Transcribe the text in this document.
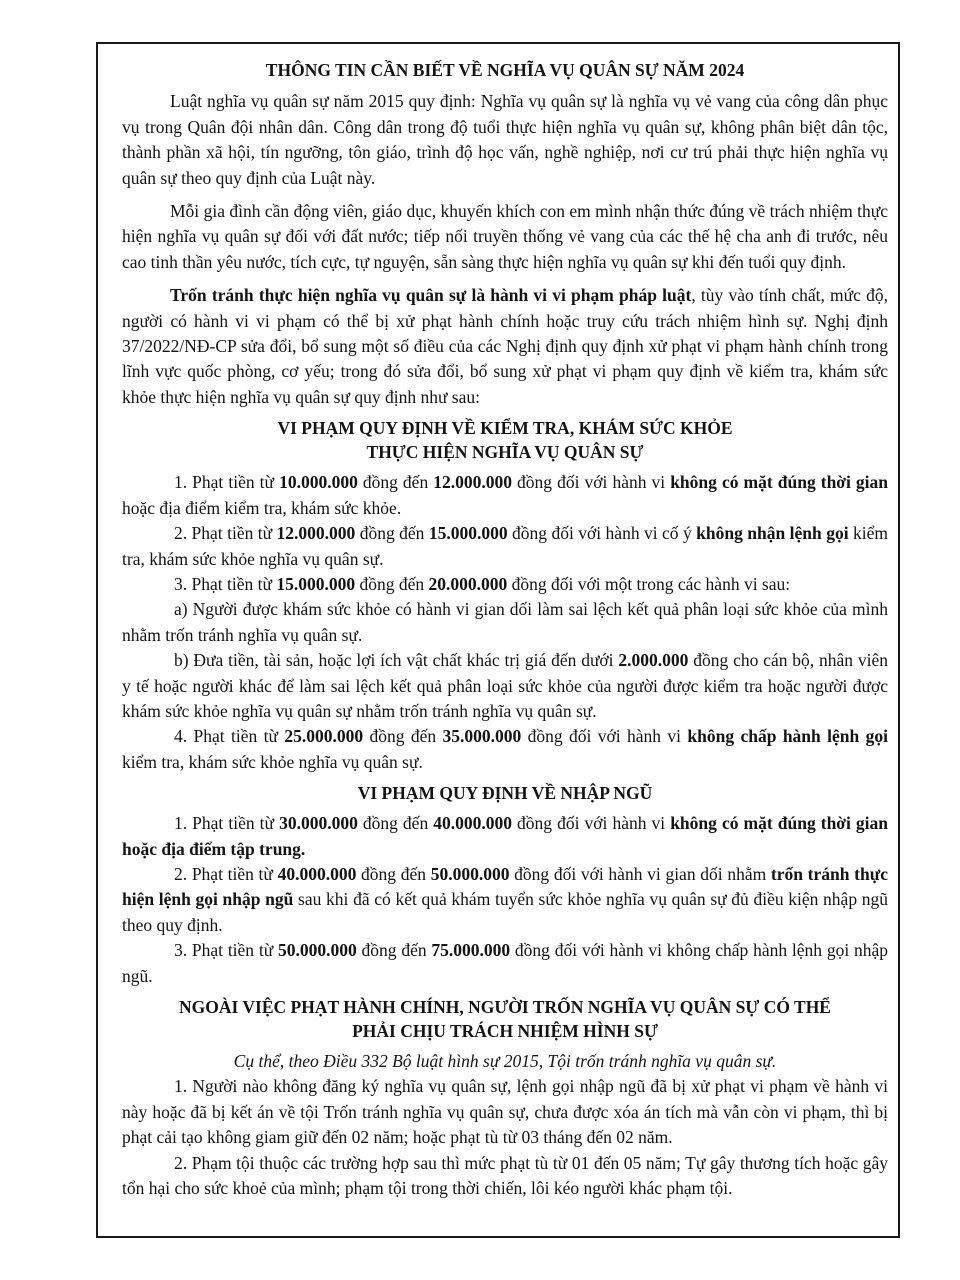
THÔNG TIN CẦN BIẾT VỀ NGHĨA VỤ QUÂN SỰ NĂM 2024

Luật nghĩa vụ quân sự năm 2015 quy định: Nghĩa vụ quân sự là nghĩa vụ vẻ vang của công dân phục vụ trong Quân đội nhân dân. Công dân trong độ tuổi thực hiện nghĩa vụ quân sự, không phân biệt dân tộc, thành phần xã hội, tín ngưỡng, tôn giáo, trình độ học vấn, nghề nghiệp, nơi cư trú phải thực hiện nghĩa vụ quân sự theo quy định của Luật này.

Mỗi gia đình cần động viên, giáo dục, khuyến khích con em mình nhận thức đúng về trách nhiệm thực hiện nghĩa vụ quân sự đối với đất nước; tiếp nối truyền thống vẻ vang của các thế hệ cha anh đi trước, nêu cao tinh thần yêu nước, tích cực, tự nguyện, sẵn sàng thực hiện nghĩa vụ quân sự khi đến tuổi quy định.

Trốn tránh thực hiện nghĩa vụ quân sự là hành vi vi phạm pháp luật, tùy vào tính chất, mức độ, người có hành vi vi phạm có thể bị xử phạt hành chính hoặc truy cứu trách nhiệm hình sự. Nghị định 37/2022/NĐ-CP sửa đổi, bổ sung một số điều của các Nghị định quy định xử phạt vi phạm hành chính trong lĩnh vực quốc phòng, cơ yếu; trong đó sửa đổi, bổ sung xử phạt vi phạm quy định về kiểm tra, khám sức khỏe thực hiện nghĩa vụ quân sự quy định như sau:

VI PHẠM QUY ĐỊNH VỀ KIỂM TRA, KHÁM SỨC KHỎE
THỰC HIỆN NGHĨA VỤ QUÂN SỰ

1. Phạt tiền từ 10.000.000 đồng đến 12.000.000 đồng đối với hành vi không có mặt đúng thời gian hoặc địa điểm kiểm tra, khám sức khỏe.

2. Phạt tiền từ 12.000.000 đồng đến 15.000.000 đồng đối với hành vi cố ý không nhận lệnh gọi kiểm tra, khám sức khỏe nghĩa vụ quân sự.

3. Phạt tiền từ 15.000.000 đồng đến 20.000.000 đồng đối với một trong các hành vi sau:

a) Người được khám sức khỏe có hành vi gian dối làm sai lệch kết quả phân loại sức khỏe của mình nhằm trốn tránh nghĩa vụ quân sự.

b) Đưa tiền, tài sản, hoặc lợi ích vật chất khác trị giá đến dưới 2.000.000 đồng cho cán bộ, nhân viên y tế hoặc người khác để làm sai lệch kết quả phân loại sức khỏe của người được kiểm tra hoặc người được khám sức khỏe nghĩa vụ quân sự nhằm trốn tránh nghĩa vụ quân sự.

4. Phạt tiền từ 25.000.000 đồng đến 35.000.000 đồng đối với hành vi không chấp hành lệnh gọi kiểm tra, khám sức khỏe nghĩa vụ quân sự.

VI PHẠM QUY ĐỊNH VỀ NHẬP NGŨ

1. Phạt tiền từ 30.000.000 đồng đến 40.000.000 đồng đối với hành vi không có mặt đúng thời gian hoặc địa điểm tập trung.

2. Phạt tiền từ 40.000.000 đồng đến 50.000.000 đồng đối với hành vi gian dối nhằm trốn tránh thực hiện lệnh gọi nhập ngũ sau khi đã có kết quả khám tuyển sức khỏe nghĩa vụ quân sự đủ điều kiện nhập ngũ theo quy định.

3. Phạt tiền từ 50.000.000 đồng đến 75.000.000 đồng đối với hành vi không chấp hành lệnh gọi nhập ngũ.

NGOÀI VIỆC PHẠT HÀNH CHÍNH, NGƯỜI TRỐN NGHĨA VỤ QUÂN SỰ CÓ THỂ
PHẢI CHỊU TRÁCH NHIỆM HÌNH SỰ

Cụ thể, theo Điều 332 Bộ luật hình sự 2015, Tội trốn tránh nghĩa vụ quân sự.

1. Người nào không đăng ký nghĩa vụ quân sự, lệnh gọi nhập ngũ đã bị xử phạt vi phạm về hành vi này hoặc đã bị kết án về tội Trốn tránh nghĩa vụ quân sự, chưa được xóa án tích mà vẫn còn vi phạm, thì bị phạt cải tạo không giam giữ đến 02 năm; hoặc phạt tù từ 03 tháng đến 02 năm.

2. Phạm tội thuộc các trường hợp sau thì mức phạt tù từ 01 đến 05 năm; Tự gây thương tích hoặc gây tổn hại cho sức khoẻ của mình; phạm tội trong thời chiến, lôi kéo người khác phạm tội.
